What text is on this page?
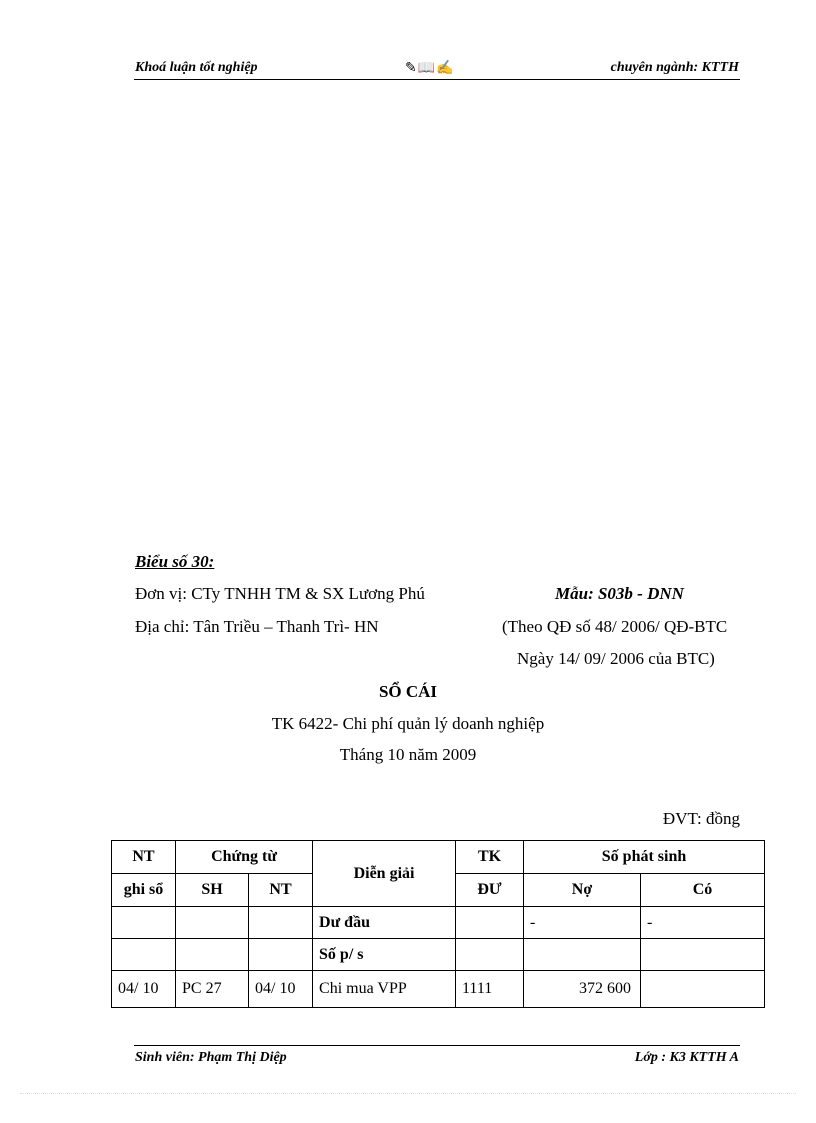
Khoá luận tốt nghiệp	✎📖✍	chuyên ngành: KTTH
Biểu số 30:
Đơn vị: CTy TNHH TM & SX Lương Phú	Mẫu: S03b - DNN
Địa chỉ: Tân Triều – Thanh Trì- HN	(Theo QĐ số 48/ 2006/ QĐ-BTC
Ngày 14/ 09/ 2006 của BTC)
SỔ CÁI
TK 6422- Chi phí quản lý doanh nghiệp
Tháng 10 năm 2009
ĐVT: đồng
NT	Chứng từ		Diễn giải	TK	Số phát sinh	
ghi sổ	SH	NT		ĐƯ	Nợ	Có
			Dư đầu		-	-
			Số p/ s			
04/ 10	PC 27	04/ 10	Chi mua VPP	1111	372 600	
Sinh viên: Phạm Thị Diệp	Lớp : K3 KTTH A
